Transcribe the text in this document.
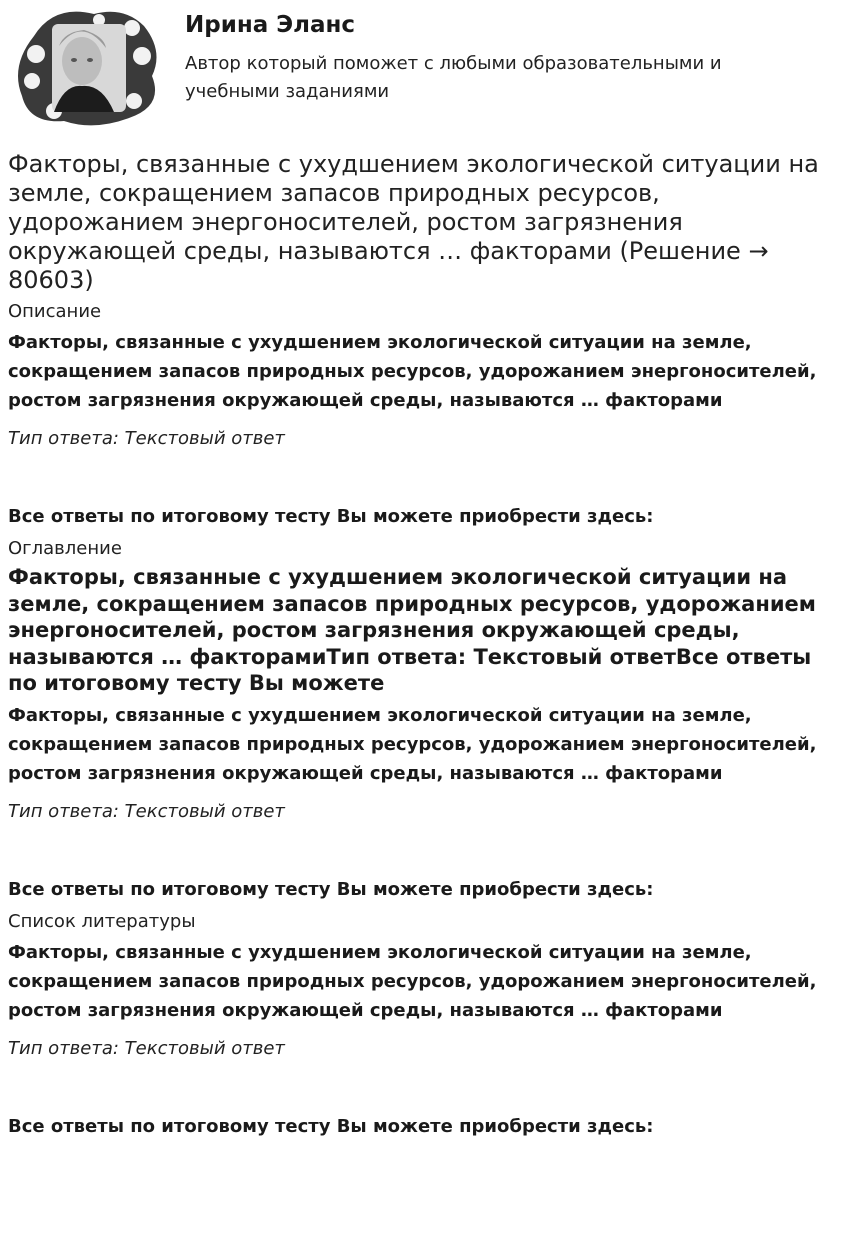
Ирина Эланс

Автор который поможет с любыми образовательными и учебными заданиями

Факторы, связанные с ухудшением экологической ситуации на земле, сокращением запасов природных ресурсов, удорожанием энергоносителей, ростом загрязнения окружающей среды, называются … факторами (Решение → 80603)

Описание

Факторы, связанные с ухудшением экологической ситуации на земле, сокращением запасов природных ресурсов, удорожанием энергоносителей, ростом загрязнения окружающей среды, называются … факторами

Тип ответа: Текстовый ответ

Все ответы по итоговому тесту Вы можете приобрести здесь:

Оглавление

Факторы, связанные с ухудшением экологической ситуации на земле, сокращением запасов природных ресурсов, удорожанием энергоносителей, ростом загрязнения окружающей среды, называются … факторамиТип ответа: Текстовый ответВсе ответы по итоговому тесту Вы можете

Факторы, связанные с ухудшением экологической ситуации на земле, сокращением запасов природных ресурсов, удорожанием энергоносителей, ростом загрязнения окружающей среды, называются … факторами

Тип ответа: Текстовый ответ

Все ответы по итоговому тесту Вы можете приобрести здесь:

Список литературы

Факторы, связанные с ухудшением экологической ситуации на земле, сокращением запасов природных ресурсов, удорожанием энергоносителей, ростом загрязнения окружающей среды, называются … факторами

Тип ответа: Текстовый ответ

Все ответы по итоговому тесту Вы можете приобрести здесь:
